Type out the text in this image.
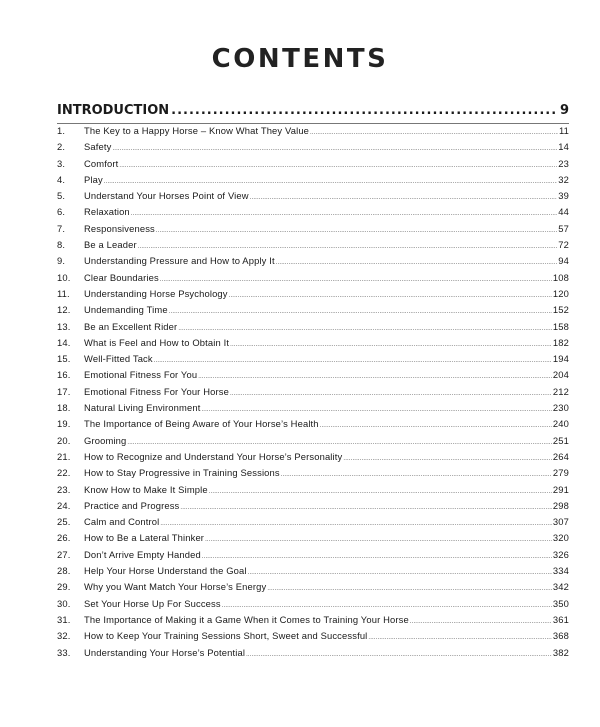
CONTENTS
INTRODUCTION .....	9
1.	The Key to a Happy Horse – Know What They Value .....	11
2.	Safety .....	14
3.	Comfort .....	23
4.	Play .....	32
5.	Understand Your Horses Point of View .....	39
6.	Relaxation .....	44
7.	Responsiveness .....	57
8.	Be a Leader .....	72
9.	Understanding Pressure and How to Apply It .....	94
10.	Clear Boundaries .....	108
11.	Understanding Horse Psychology .....	120
12.	Undemanding Time .....	152
13.	Be an Excellent Rider .....	158
14.	What is Feel and How to Obtain It .....	182
15.	Well-Fitted Tack .....	194
16.	Emotional Fitness For You .....	204
17.	Emotional Fitness For Your Horse .....	212
18.	Natural Living Environment .....	230
19.	The Importance of Being Aware of Your Horse’s Health .....	240
20.	Grooming .....	251
21.	How to Recognize and Understand Your Horse’s Personality .....	264
22.	How to Stay Progressive in Training Sessions .....	279
23.	Know How to Make It Simple .....	291
24.	Practice and Progress .....	298
25.	Calm and Control .....	307
26.	How to Be a Lateral Thinker .....	320
27.	Don’t Arrive Empty Handed .....	326
28.	Help Your Horse Understand the Goal .....	334
29.	Why you Want Match Your Horse’s Energy .....	342
30.	Set Your Horse Up For Success .....	350
31.	The Importance of Making it a Game When it Comes to Training Your Horse .....	361
32.	How to Keep Your Training Sessions Short, Sweet and Successful .....	368
33.	Understanding Your Horse’s Potential .....	382
